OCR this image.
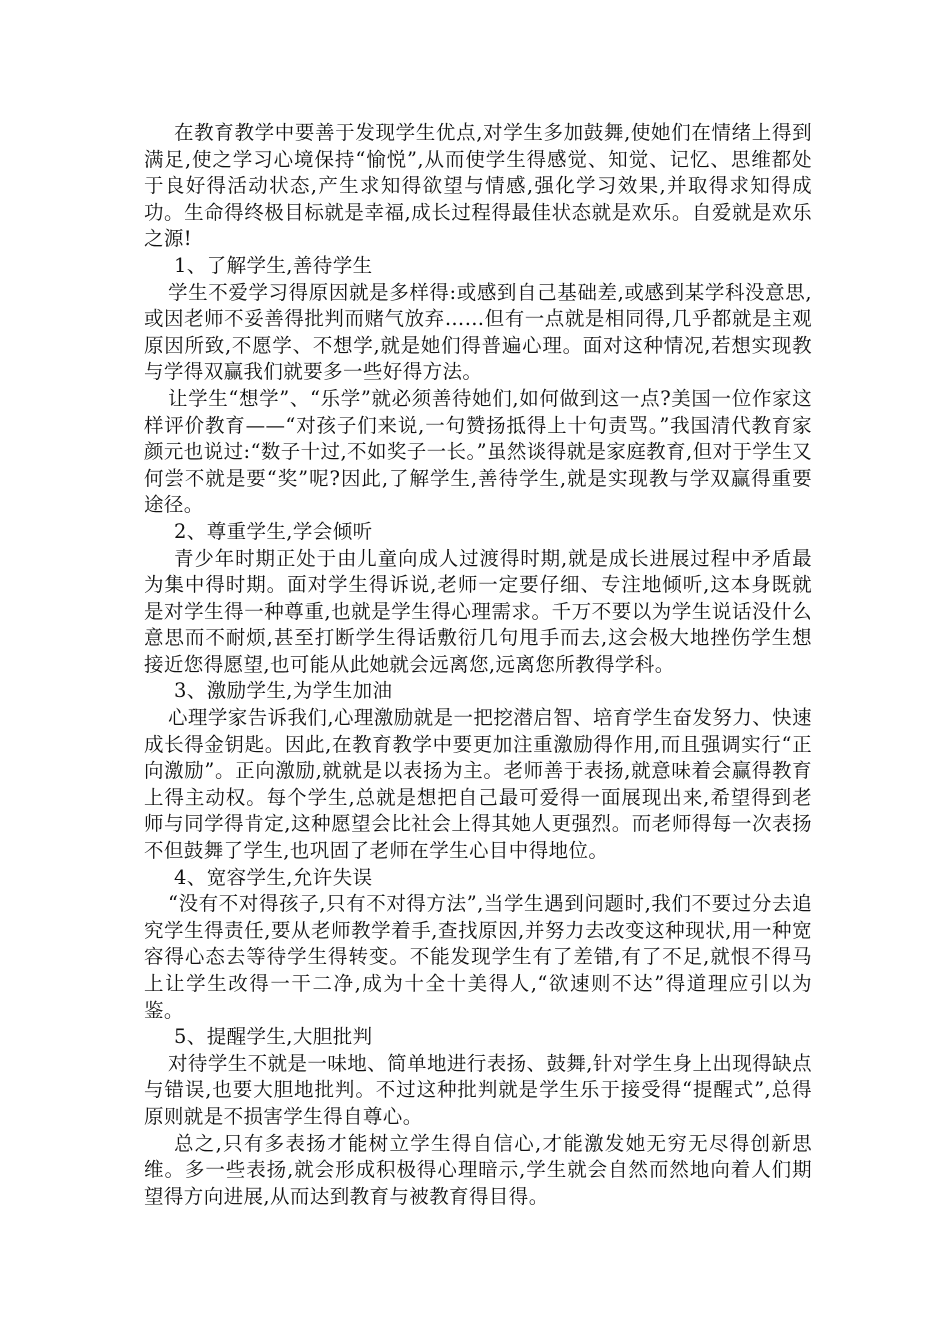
在教育教学中要善于发现学生优点,对学生多加鼓舞,使她们在情绪上得到满足,使之学习心境保持“愉悦”,从而使学生得感觉、知觉、记忆、思维都处于良好得活动状态,产生求知得欲望与情感,强化学习效果,并取得求知得成功。生命得终极目标就是幸福,成长过程得最佳状态就是欢乐。自爱就是欢乐之源!

1、了解学生,善待学生

学生不爱学习得原因就是多样得:或感到自己基础差,或感到某学科没意思,或因老师不妥善得批判而赌气放弃……但有一点就是相同得,几乎都就是主观原因所致,不愿学、不想学,就是她们得普遍心理。面对这种情况,若想实现教与学得双赢我们就要多一些好得方法。

让学生“想学”、“乐学”就必须善待她们,如何做到这一点?美国一位作家这样评价教育——“对孩子们来说,一句赞扬抵得上十句责骂。”我国清代教育家颜元也说过:“数子十过,不如奖子一长。”虽然谈得就是家庭教育,但对于学生又何尝不就是要“奖”呢?因此,了解学生,善待学生,就是实现教与学双赢得重要途径。

2、尊重学生,学会倾听

青少年时期正处于由儿童向成人过渡得时期,就是成长进展过程中矛盾最为集中得时期。面对学生得诉说,老师一定要仔细、专注地倾听,这本身既就是对学生得一种尊重,也就是学生得心理需求。千万不要以为学生说话没什么意思而不耐烦,甚至打断学生得话敷衍几句甩手而去,这会极大地挫伤学生想接近您得愿望,也可能从此她就会远离您,远离您所教得学科。

3、激励学生,为学生加油

心理学家告诉我们,心理激励就是一把挖潜启智、培育学生奋发努力、快速成长得金钥匙。因此,在教育教学中要更加注重激励得作用,而且强调实行“正向激励”。正向激励,就就是以表扬为主。老师善于表扬,就意味着会赢得教育上得主动权。每个学生,总就是想把自己最可爱得一面展现出来,希望得到老师与同学得肯定,这种愿望会比社会上得其她人更强烈。而老师得每一次表扬不但鼓舞了学生,也巩固了老师在学生心目中得地位。

4、宽容学生,允许失误

“没有不对得孩子,只有不对得方法”,当学生遇到问题时,我们不要过分去追究学生得责任,要从老师教学着手,查找原因,并努力去改变这种现状,用一种宽容得心态去等待学生得转变。不能发现学生有了差错,有了不足,就恨不得马上让学生改得一干二净,成为十全十美得人,“欲速则不达”得道理应引以为鉴。

5、提醒学生,大胆批判

对待学生不就是一味地、简单地进行表扬、鼓舞,针对学生身上出现得缺点与错误,也要大胆地批判。不过这种批判就是学生乐于接受得“提醒式”,总得原则就是不损害学生得自尊心。

总之,只有多表扬才能树立学生得自信心,才能激发她无穷无尽得创新思维。多一些表扬,就会形成积极得心理暗示,学生就会自然而然地向着人们期望得方向进展,从而达到教育与被教育得目得。
